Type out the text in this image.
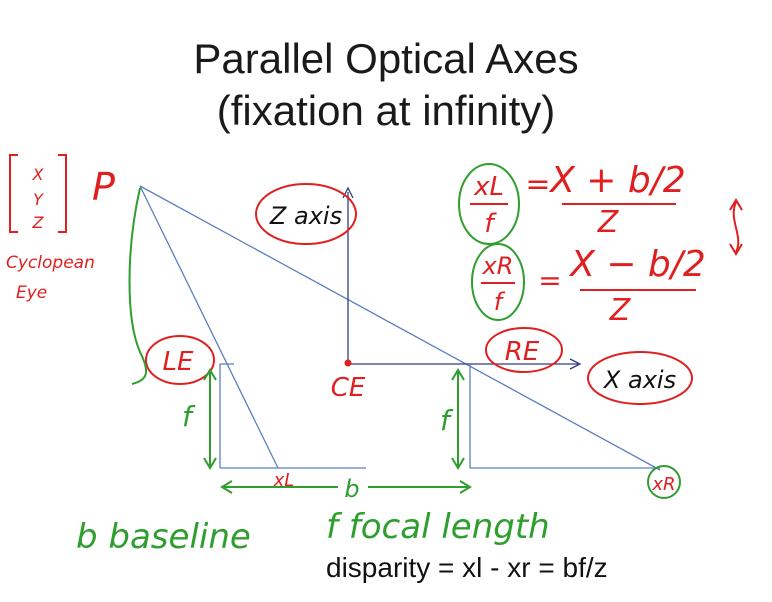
Parallel Optical Axes
(fixation at infinity)
X
Y
Z
P
Cyclopean
Eye
Z axis
X axis
LE
CE
RE
f	f
xL	xR
b
b baseline f focal length
xL
f
= X + b/2
Z
xR
f
= X − b/2
Z
disparity = xl - xr = bf/z
